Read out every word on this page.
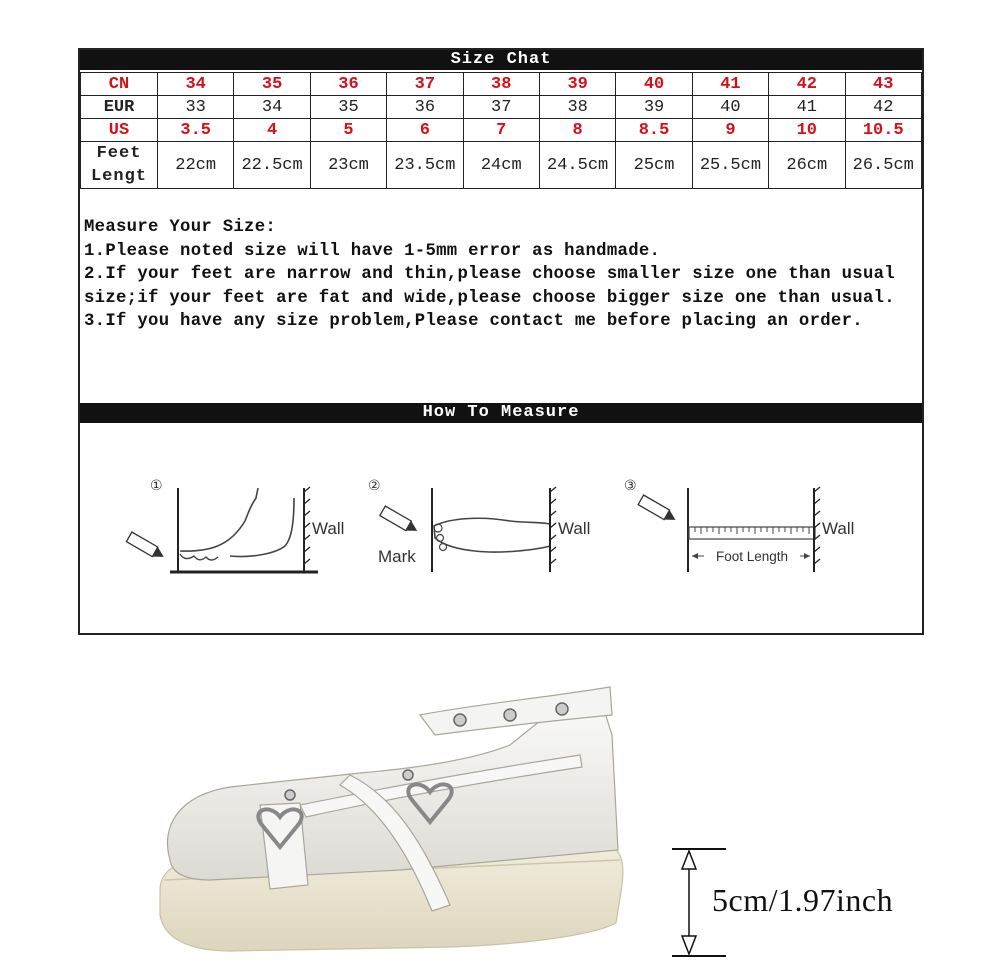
Size Chat
CN	34	35	36	37	38	39	40	41	42	43
EUR	33	34	35	36	37	38	39	40	41	42
US	3.5	4	5	6	7	8	8.5	9	10	10.5
Feet Lengt	22cm	22.5cm	23cm	23.5cm	24cm	24.5cm	25cm	25.5cm	26cm	26.5cm

Measure Your Size:

1.Please noted size will have 1-5mm error as handmade.

2.If your feet are narrow and thin,please choose smaller size one than usual size;if your feet are fat and wide,please choose bigger size one than usual.

3.If you have any size problem,Please contact me before placing an order.

How To Measure
①
Wall
②
Wall
Mark
③
Wall
Foot Length
5cm/1.97inch
